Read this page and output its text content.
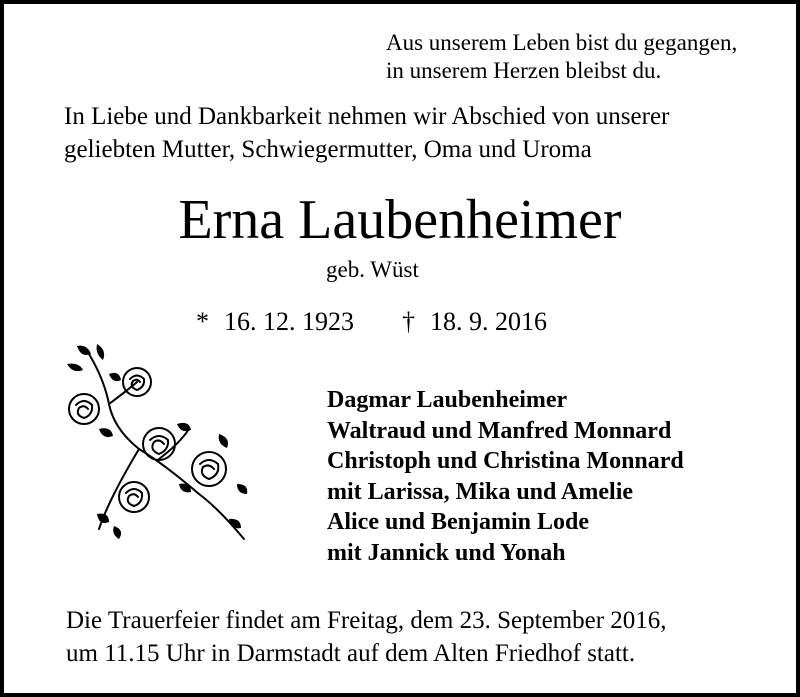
Aus unserem Leben bist du gegangen,
in unserem Herzen bleibst du.
In Liebe und Dankbarkeit nehmen wir Abschied von unserer
geliebten Mutter, Schwiegermutter, Oma und Uroma
Erna Laubenheimer
geb. Wüst
* 16. 12. 1923 † 18. 9. 2016
Dagmar Laubenheimer
Waltraud und Manfred Monnard
Christoph und Christina Monnard
mit Larissa, Mika und Amelie
Alice und Benjamin Lode
mit Jannick und Yonah
Die Trauerfeier findet am Freitag, dem 23. September 2016,
um 11.15 Uhr in Darmstadt auf dem Alten Friedhof statt.
